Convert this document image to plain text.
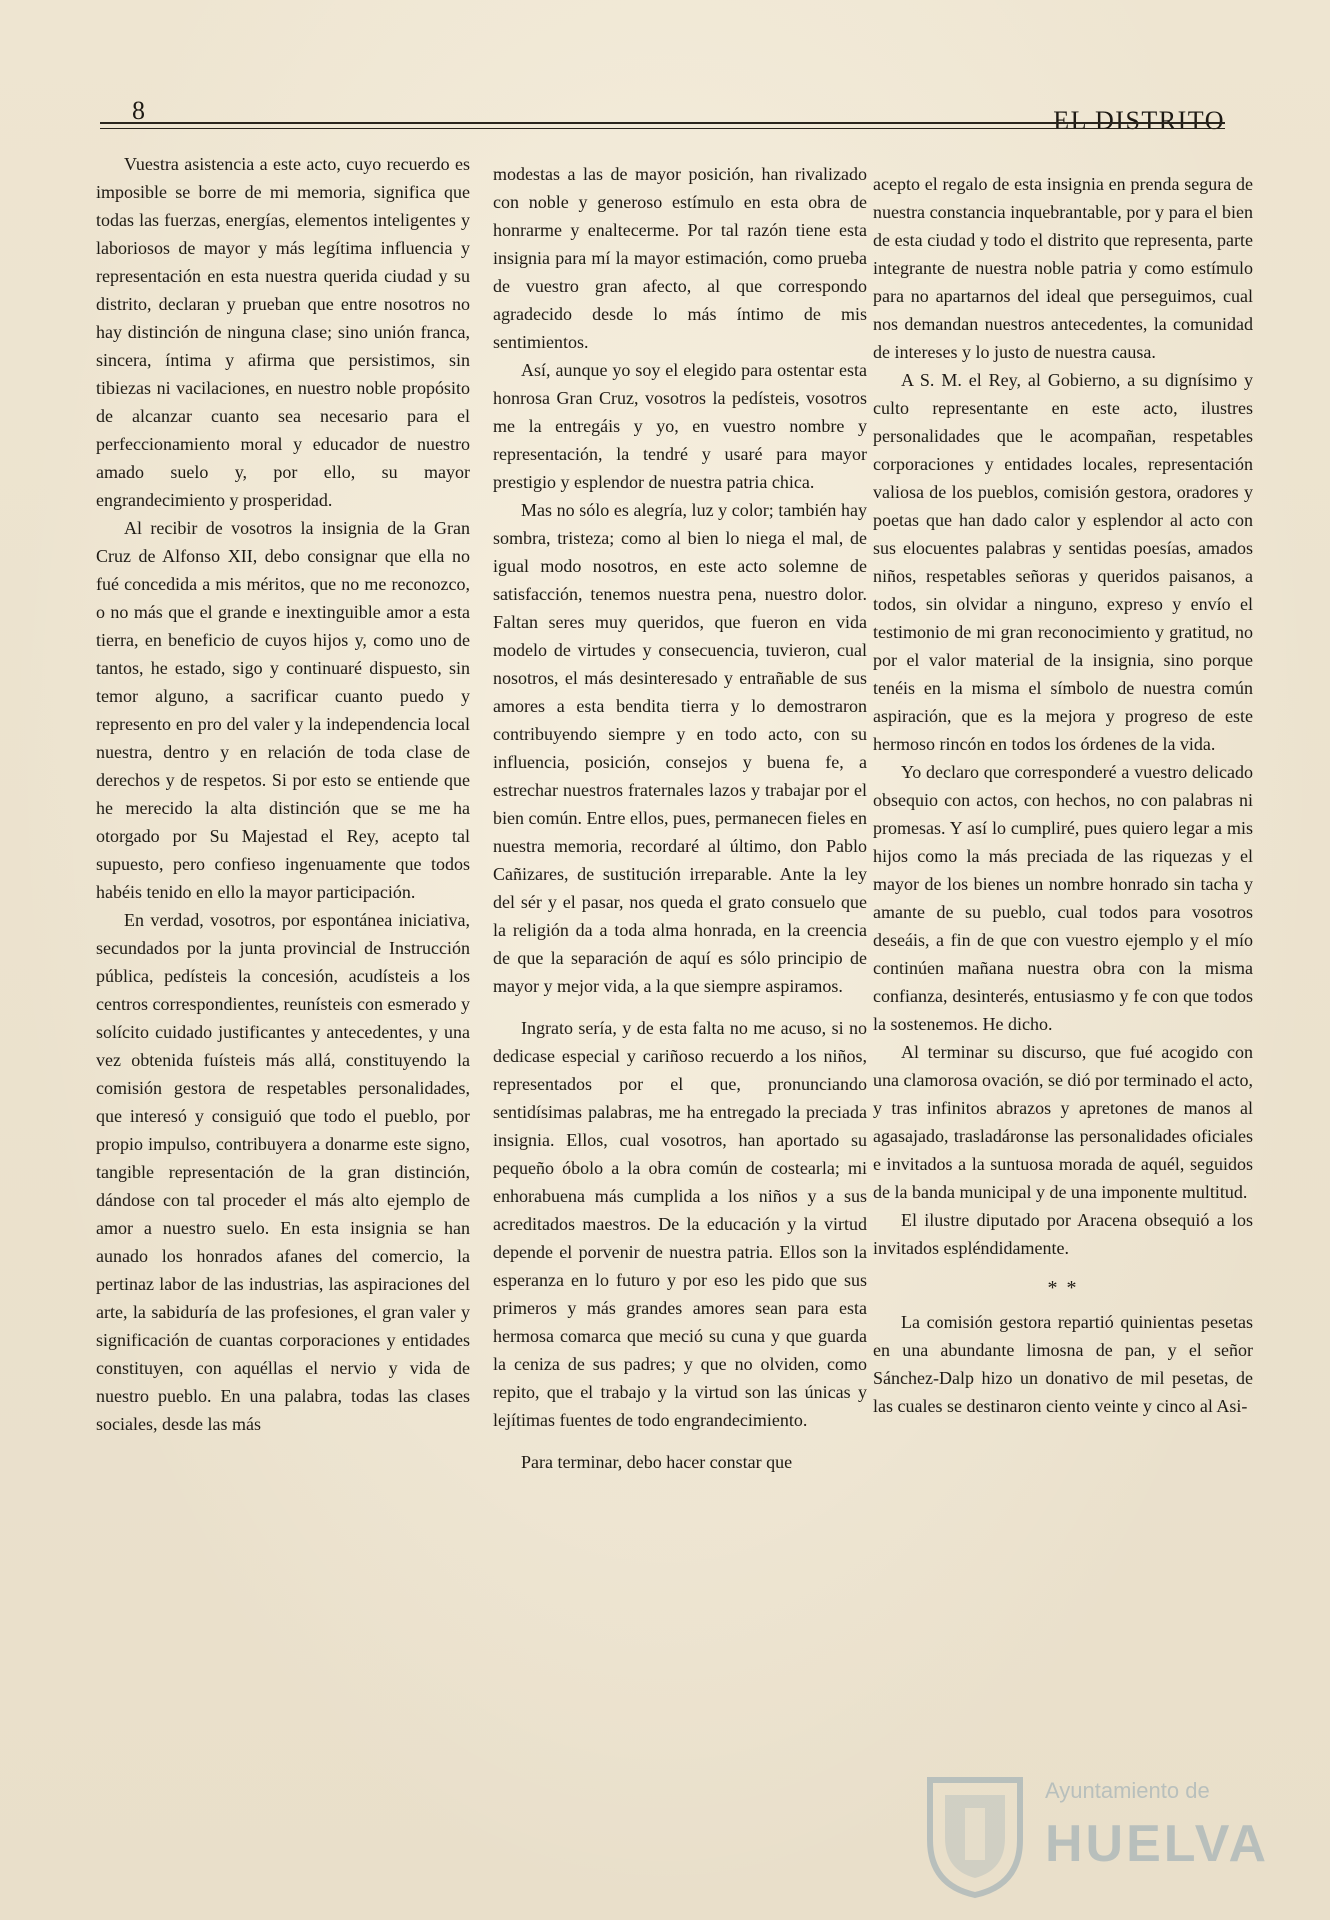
8	EL DISTRITO

Vuestra asistencia a este acto, cuyo recuerdo es imposible se borre de mi memoria, significa que todas las fuerzas, energías, elementos inteligentes y laboriosos de mayor y más legítima influencia y representación en esta nuestra querida ciudad y su distrito, declaran y prueban que entre nosotros no hay distinción de ninguna clase; sino unión franca, sincera, íntima y afirma que persistimos, sin tibiezas ni vacilaciones, en nuestro noble propósito de alcanzar cuanto sea necesario para el perfeccionamiento moral y educador de nuestro amado suelo y, por ello, su mayor engrandecimiento y prosperidad.

Al recibir de vosotros la insignia de la Gran Cruz de Alfonso XII, debo consignar que ella no fué concedida a mis méritos, que no me reconozco, o no más que el grande e inextinguible amor a esta tierra, en beneficio de cuyos hijos y, como uno de tantos, he estado, sigo y continuaré dispuesto, sin temor alguno, a sacrificar cuanto puedo y represento en pro del valer y la independencia local nuestra, dentro y en relación de toda clase de derechos y de respetos. Si por esto se entiende que he merecido la alta distinción que se me ha otorgado por Su Majestad el Rey, acepto tal supuesto, pero confieso ingenuamente que todos habéis tenido en ello la mayor participación.

En verdad, vosotros, por espontánea iniciativa, secundados por la junta provincial de Instrucción pública, pedísteis la concesión, acudísteis a los centros correspondientes, reunísteis con esmerado y solícito cuidado justificantes y antecedentes, y una vez obtenida fuísteis más allá, constituyendo la comisión gestora de respetables personalidades, que interesó y consiguió que todo el pueblo, por propio impulso, contribuyera a donarme este signo, tangible representación de la gran distinción, dándose con tal proceder el más alto ejemplo de amor a nuestro suelo. En esta insignia se han aunado los honrados afanes del comercio, la pertinaz labor de las industrias, las aspiraciones del arte, la sabiduría de las profesiones, el gran valer y significación de cuantas corporaciones y entidades constituyen, con aquéllas el nervio y vida de nuestro pueblo. En una palabra, todas las clases sociales, desde las más

modestas a las de mayor posición, han rivalizado con noble y generoso estímulo en esta obra de honrarme y enaltecerme. Por tal razón tiene esta insignia para mí la mayor estimación, como prueba de vuestro gran afecto, al que correspondo agradecido desde lo más íntimo de mis sentimientos.

Así, aunque yo soy el elegido para ostentar esta honrosa Gran Cruz, vosotros la pedísteis, vosotros me la entregáis y yo, en vuestro nombre y representación, la tendré y usaré para mayor prestigio y esplendor de nuestra patria chica.

Mas no sólo es alegría, luz y color; también hay sombra, tristeza; como al bien lo niega el mal, de igual modo nosotros, en este acto solemne de satisfacción, tenemos nuestra pena, nuestro dolor. Faltan seres muy queridos, que fueron en vida modelo de virtudes y consecuencia, tuvieron, cual nosotros, el más desinteresado y entrañable de sus amores a esta bendita tierra y lo demostraron contribuyendo siempre y en todo acto, con su influencia, posición, consejos y buena fe, a estrechar nuestros fraternales lazos y trabajar por el bien común. Entre ellos, pues, permanecen fieles en nuestra memoria, recordaré al último, don Pablo Cañizares, de sustitución irreparable. Ante la ley del sér y el pasar, nos queda el grato consuelo que la religión da a toda alma honrada, en la creencia de que la separación de aquí es sólo principio de mayor y mejor vida, a la que siempre aspiramos.

Ingrato sería, y de esta falta no me acuso, si no dedicase especial y cariñoso recuerdo a los niños, representados por el que, pronunciando sentidísimas palabras, me ha entregado la preciada insignia. Ellos, cual vosotros, han aportado su pequeño óbolo a la obra común de costearla; mi enhorabuena más cumplida a los niños y a sus acreditados maestros. De la educación y la virtud depende el porvenir de nuestra patria. Ellos son la esperanza en lo futuro y por eso les pido que sus primeros y más grandes amores sean para esta hermosa comarca que meció su cuna y que guarda la ceniza de sus padres; y que no olviden, como repito, que el trabajo y la virtud son las únicas y lejítimas fuentes de todo engrandecimiento.

Para terminar, debo hacer constar que

acepto el regalo de esta insignia en prenda segura de nuestra constancia inquebrantable, por y para el bien de esta ciudad y todo el distrito que representa, parte integrante de nuestra noble patria y como estímulo para no apartarnos del ideal que perseguimos, cual nos demandan nuestros antecedentes, la comunidad de intereses y lo justo de nuestra causa.

A S. M. el Rey, al Gobierno, a su dignísimo y culto representante en este acto, ilustres personalidades que le acompañan, respetables corporaciones y entidades locales, representación valiosa de los pueblos, comisión gestora, oradores y poetas que han dado calor y esplendor al acto con sus elocuentes palabras y sentidas poesías, amados niños, respetables señoras y queridos paisanos, a todos, sin olvidar a ninguno, expreso y envío el testimonio de mi gran reconocimiento y gratitud, no por el valor material de la insignia, sino porque tenéis en la misma el símbolo de nuestra común aspiración, que es la mejora y progreso de este hermoso rincón en todos los órdenes de la vida.

Yo declaro que corresponderé a vuestro delicado obsequio con actos, con hechos, no con palabras ni promesas. Y así lo cumpliré, pues quiero legar a mis hijos como la más preciada de las riquezas y el mayor de los bienes un nombre honrado sin tacha y amante de su pueblo, cual todos para vosotros deseáis, a fin de que con vuestro ejemplo y el mío continúen mañana nuestra obra con la misma confianza, desinterés, entusiasmo y fe con que todos la sostenemos. He dicho.

Al terminar su discurso, que fué acogido con una clamorosa ovación, se dió por terminado el acto, y tras infinitos abrazos y apretones de manos al agasajado, trasladáronse las personalidades oficiales e invitados a la suntuosa morada de aquél, seguidos de la banda municipal y de una imponente multitud.

El ilustre diputado por Aracena obsequió a los invitados espléndidamente.

* *

La comisión gestora repartió quinientas pesetas en una abundante limosna de pan, y el señor Sánchez-Dalp hizo un donativo de mil pesetas, de las cuales se destinaron ciento veinte y cinco al Asi-

Ayuntamiento de
HUELVA
